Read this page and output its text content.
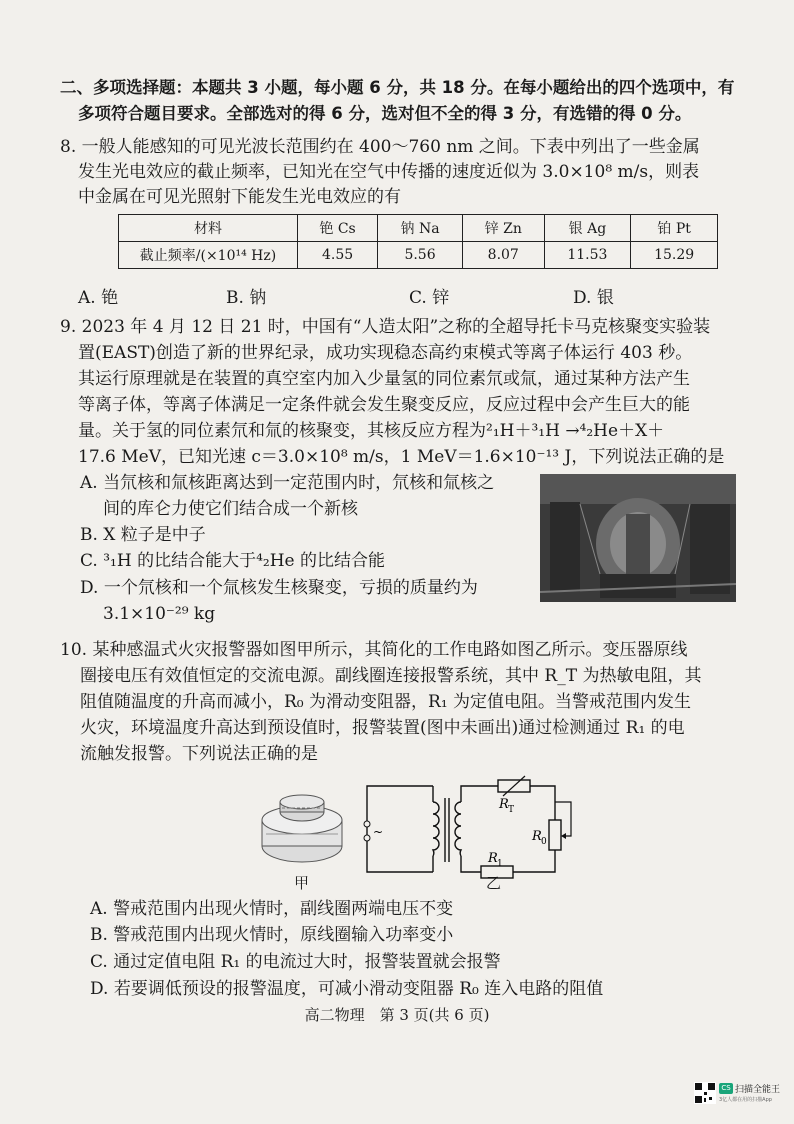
二、多项选择题：本题共 3 小题，每小题 6 分，共 18 分。在每小题给出的四个选项中，有
多项符合题目要求。全部选对的得 6 分，选对但不全的得 3 分，有选错的得 0 分。
8. 一般人能感知的可见光波长范围约在 400～760 nm 之间。下表中列出了一些金属
发生光电效应的截止频率，已知光在空气中传播的速度近似为 3.0×10⁸ m/s，则表
中金属在可见光照射下能发生光电效应的有
材料	铯 Cs	钠 Na	锌 Zn	银 Ag	铂 Pt
截止频率/(×10¹⁴ Hz)	4.55	5.56	8.07	11.53	15.29
A. 铯	B. 钠	C. 锌	D. 银
9. 2023 年 4 月 12 日 21 时，中国有“人造太阳”之称的全超导托卡马克核聚变实验装
置(EAST)创造了新的世界纪录，成功实现稳态高约束模式等离子体运行 403 秒。
其运行原理就是在装置的真空室内加入少量氢的同位素氘或氚，通过某种方法产生
等离子体，等离子体满足一定条件就会发生聚变反应，反应过程中会产生巨大的能
量。关于氢的同位素氘和氚的核聚变，其核反应方程为²₁H＋³₁H →⁴₂He＋X＋
17.6 MeV，已知光速 c＝3.0×10⁸ m/s，1 MeV＝1.6×10⁻¹³ J，下列说法正确的是
A. 当氘核和氚核距离达到一定范围内时，氘核和氚核之
间的库仑力使它们结合成一个新核
B. X 粒子是中子
C. ³₁H 的比结合能大于⁴₂He 的比结合能
D. 一个氘核和一个氚核发生核聚变，亏损的质量约为
3.1×10⁻²⁹ kg
10. 某种感温式火灾报警器如图甲所示，其简化的工作电路如图乙所示。变压器原线
圈接电压有效值恒定的交流电源。副线圈连接报警系统，其中 R_T 为热敏电阻，其
阻值随温度的升高而减小，R₀ 为滑动变阻器，R₁ 为定值电阻。当警戒范围内发生
火灾，环境温度升高达到预设值时，报警装置(图中未画出)通过检测通过 R₁ 的电
流触发报警。下列说法正确的是
甲
R T
R 0
R 1
~
乙
A. 警戒范围内出现火情时，副线圈两端电压不变
B. 警戒范围内出现火情时，原线圈输入功率变小
C. 通过定值电阻 R₁ 的电流过大时，报警装置就会报警
D. 若要调低预设的报警温度，可减小滑动变阻器 R₀ 连入电路的阻值
高二物理　第 3 页(共 6 页)
CS 扫描全能王
3亿人都在用的扫描App
